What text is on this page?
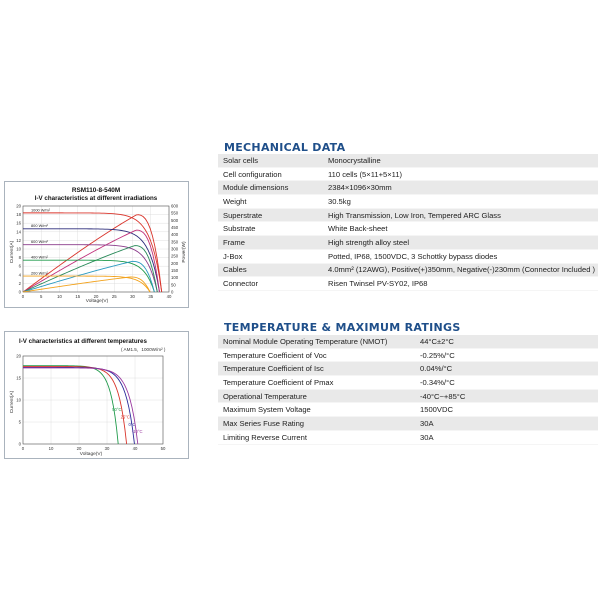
RSM110-8-540M
I-V characteristics at different irradiations
Voltage(V)
Current(A)	Power(W)
0
2
4
6
8
10
12
14
16
18
20
0	5	10	15	20	25	30	35	40
0
50
100
150
200
250
300
350
400
450
500
550
600
1000 W/m²
800 W/m²
600 W/m²
400 W/m²
200 W/m²
I-V characteristics at different temperatures
( AM1.5，1000W/m² )
Voltage(V)
Current(A)
0
5
10
15
20
0	10	20	30	40	50
50°C
25°C
0°C
-10°C
MECHANICAL DATA
Solar cells	Monocrystalline
Cell configuration	110 cells (5×11+5×11)
Module dimensions	2384×1096×30mm
Weight	30.5kg
Superstrate	High Transmission, Low Iron, Tempered ARC Glass
Substrate	White Back-sheet
Frame	High strength alloy steel
J-Box	Potted, IP68, 1500VDC, 3 Schottky bypass diodes
Cables	4.0mm² (12AWG), Positive(+)350mm, Negative(-)230mm (Connector Included )
Connector	Risen Twinsel PV-SY02, IP68
TEMPERATURE & MAXIMUM RATINGS
Nominal Module Operating Temperature (NMOT)	44°C±2°C
Temperature Coefficient of Voc	-0.25%/°C
Temperature Coefficient of Isc	0.04%/°C
Temperature Coefficient of Pmax	-0.34%/°C
Operational Temperature	-40°C~+85°C
Maximum System Voltage	1500VDC
Max Series Fuse Rating	30A
Limiting Reverse Current	30A
